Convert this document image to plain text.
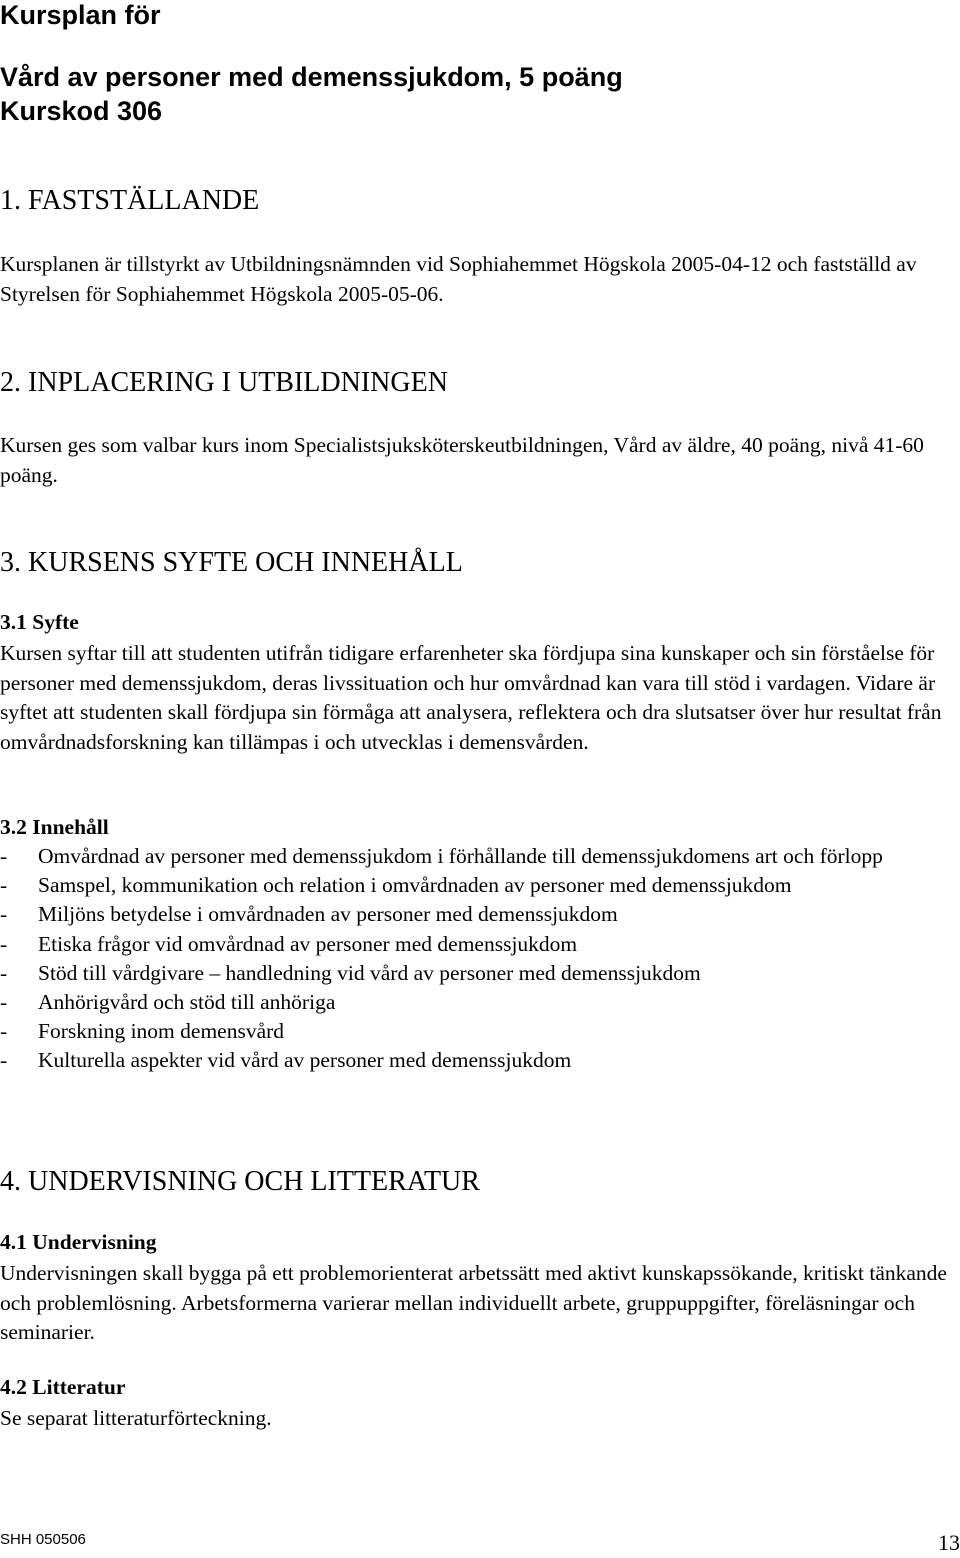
Kursplan för
Vård av personer med demenssjukdom, 5 poäng
Kurskod 306
1. FASTSTÄLLANDE
Kursplanen är tillstyrkt av Utbildningsnämnden vid Sophiahemmet Högskola 2005-04-12 och fastställd av Styrelsen för Sophiahemmet Högskola 2005-05-06.
2. INPLACERING I UTBILDNINGEN
Kursen ges som valbar kurs inom Specialistsjuksköterskeutbildningen, Vård av äldre, 40 poäng, nivå 41-60 poäng.
3. KURSENS SYFTE OCH INNEHÅLL
3.1 Syfte
Kursen syftar till att studenten utifrån tidigare erfarenheter ska fördjupa sina kunskaper och sin förståelse för personer med demenssjukdom, deras livssituation och hur omvårdnad kan vara till stöd i vardagen. Vidare är syftet att studenten skall fördjupa sin förmåga att analysera, reflektera och dra slutsatser över hur resultat från omvårdnadsforskning kan tillämpas i och utvecklas i demensvården.
3.2 Innehåll
- Omvårdnad av personer med demenssjukdom i förhållande till demenssjukdomens art och förlopp
- Samspel, kommunikation och relation i omvårdnaden av personer med demenssjukdom
- Miljöns betydelse i omvårdnaden av personer med demenssjukdom
- Etiska frågor vid omvårdnad av personer med demenssjukdom
- Stöd till vårdgivare – handledning vid vård av personer med demenssjukdom
- Anhörigvård och stöd till anhöriga
- Forskning inom demensvård
- Kulturella aspekter vid vård av personer med demenssjukdom
4. UNDERVISNING OCH LITTERATUR
4.1 Undervisning
Undervisningen skall bygga på ett problemorienterat arbetssätt med aktivt kunskapssökande, kritiskt tänkande och problemlösning. Arbetsformerna varierar mellan individuellt arbete, gruppuppgifter, föreläsningar och seminarier.
4.2 Litteratur
Se separat litteraturförteckning.
SHH 050506	13
